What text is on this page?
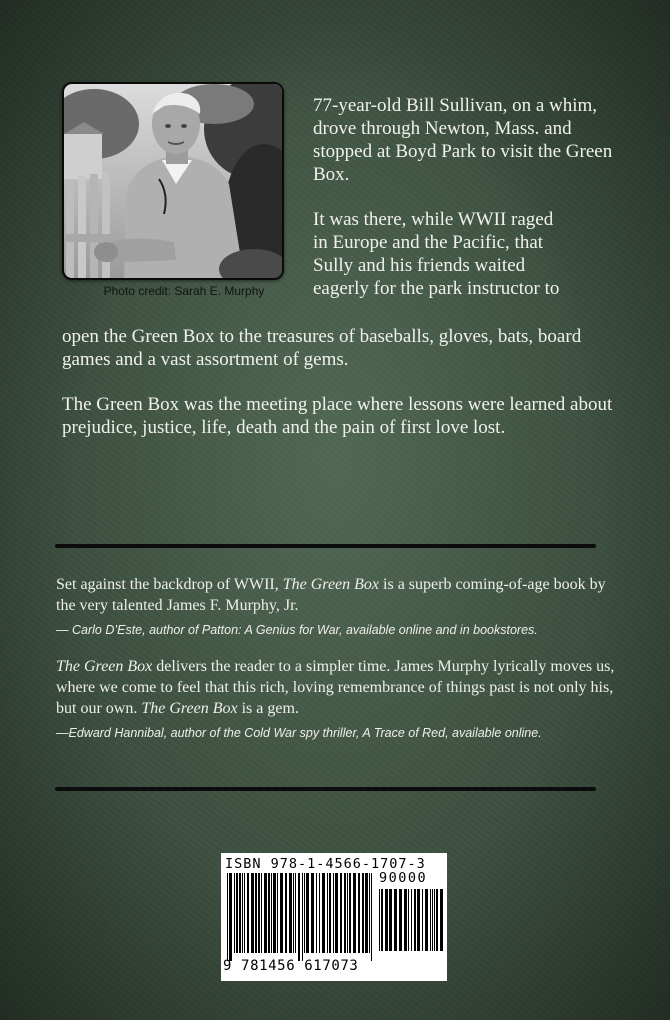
Photo credit: Sarah E. Murphy

77-year-old Bill Sullivan, on a whim, drove through Newton, Mass. and stopped at Boyd Park to visit the Green Box.

It was there, while WWII raged
in Europe and the Pacific, that
Sully and his friends waited
eagerly for the park instructor to

open the Green Box to the treasures of baseballs, gloves, bats, board games and a vast assortment of gems.

The Green Box was the meeting place where lessons were learned about prejudice, justice, life, death and the pain of first love lost.

Set against the backdrop of WWII, The Green Box is a superb coming-of-age book by the very talented James F. Murphy, Jr.

— Carlo D’Este, author of Patton: A Genius for War, available online and in bookstores.

The Green Box delivers the reader to a simpler time. James Murphy lyrically moves us, where we come to feel that this rich, loving remembrance of things past is not only his, but our own. The Green Box is a gem.

—Edward Hannibal, author of the Cold War spy thriller, A Trace of Red, available online.
ISBN 978-1-4566-1707-3
90000
9 781456 617073
